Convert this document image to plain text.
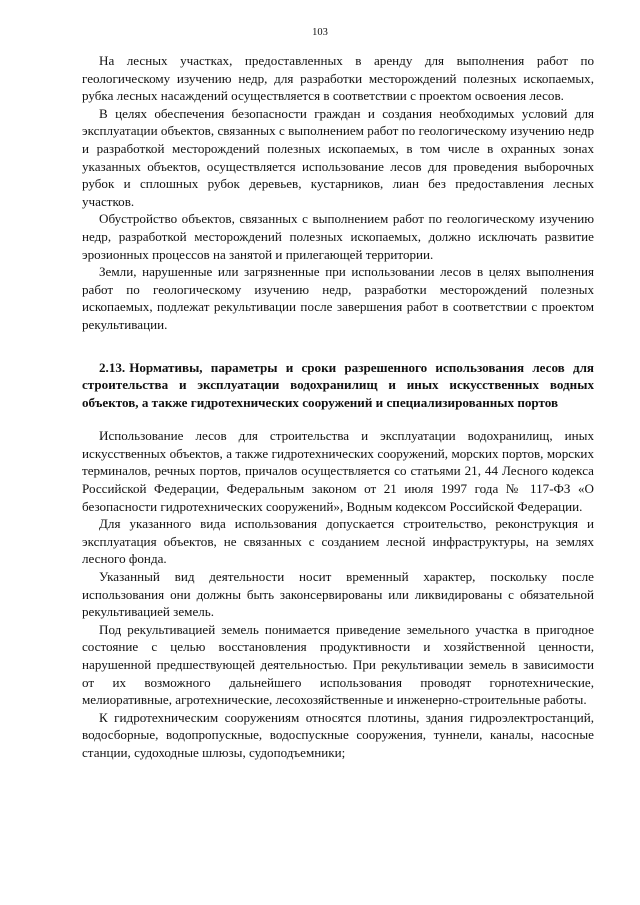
103

На лесных участках, предоставленных в аренду для выполнения работ по геологическому изучению недр, для разработки месторождений полезных ископаемых, рубка лесных насаждений осуществляется в соответствии с проектом освоения лесов.

В целях обеспечения безопасности граждан и создания необходимых условий для эксплуатации объектов, связанных с выполнением работ по геологическому изучению недр и разработкой месторождений полезных ископаемых, в том числе в охранных зонах указанных объектов, осуществляется использование лесов для проведения выборочных рубок и сплошных рубок деревьев, кустарников, лиан без предоставления лесных участков.

Обустройство объектов, связанных с выполнением работ по геологическому изучению недр, разработкой месторождений полезных ископаемых, должно исключать развитие эрозионных процессов на занятой и прилегающей территории.

Земли, нарушенные или загрязненные при использовании лесов в целях выполнения работ по геологическому изучению недр, разработки месторождений полезных ископаемых, подлежат рекультивации после завершения работ в соответствии с проектом рекультивации.

2.13. Нормативы, параметры и сроки разрешенного использования лесов для строительства и эксплуатации водохранилищ и иных искусственных водных объектов, а также гидротехнических сооружений и специализированных портов

Использование лесов для строительства и эксплуатации водохранилищ, иных искусственных объектов, а также гидротехнических сооружений, морских портов, морских терминалов, речных портов, причалов осуществляется со статьями 21, 44 Лесного кодекса Российской Федерации, Федеральным законом от 21 июля 1997 года № 117-ФЗ «О безопасности гидротехнических сооружений», Водным кодексом Российской Федерации.

Для указанного вида использования допускается строительство, реконструкция и эксплуатация объектов, не связанных с созданием лесной инфраструктуры, на землях лесного фонда.

Указанный вид деятельности носит временный характер, поскольку после использования они должны быть законсервированы или ликвидированы с обязательной рекультивацией земель.

Под рекультивацией земель понимается приведение земельного участка в пригодное состояние с целью восстановления продуктивности и хозяйственной ценности, нарушенной предшествующей деятельностью. При рекультивации земель в зависимости от их возможного дальнейшего использования проводят горнотехнические, мелиоративные, агротехнические, лесохозяйственные и инженерно-строительные работы.

К гидротехническим сооружениям относятся плотины, здания гидроэлектростанций, водосборные, водопропускные, водоспускные сооружения, туннели, каналы, насосные станции, судоходные шлюзы, судоподъемники;
